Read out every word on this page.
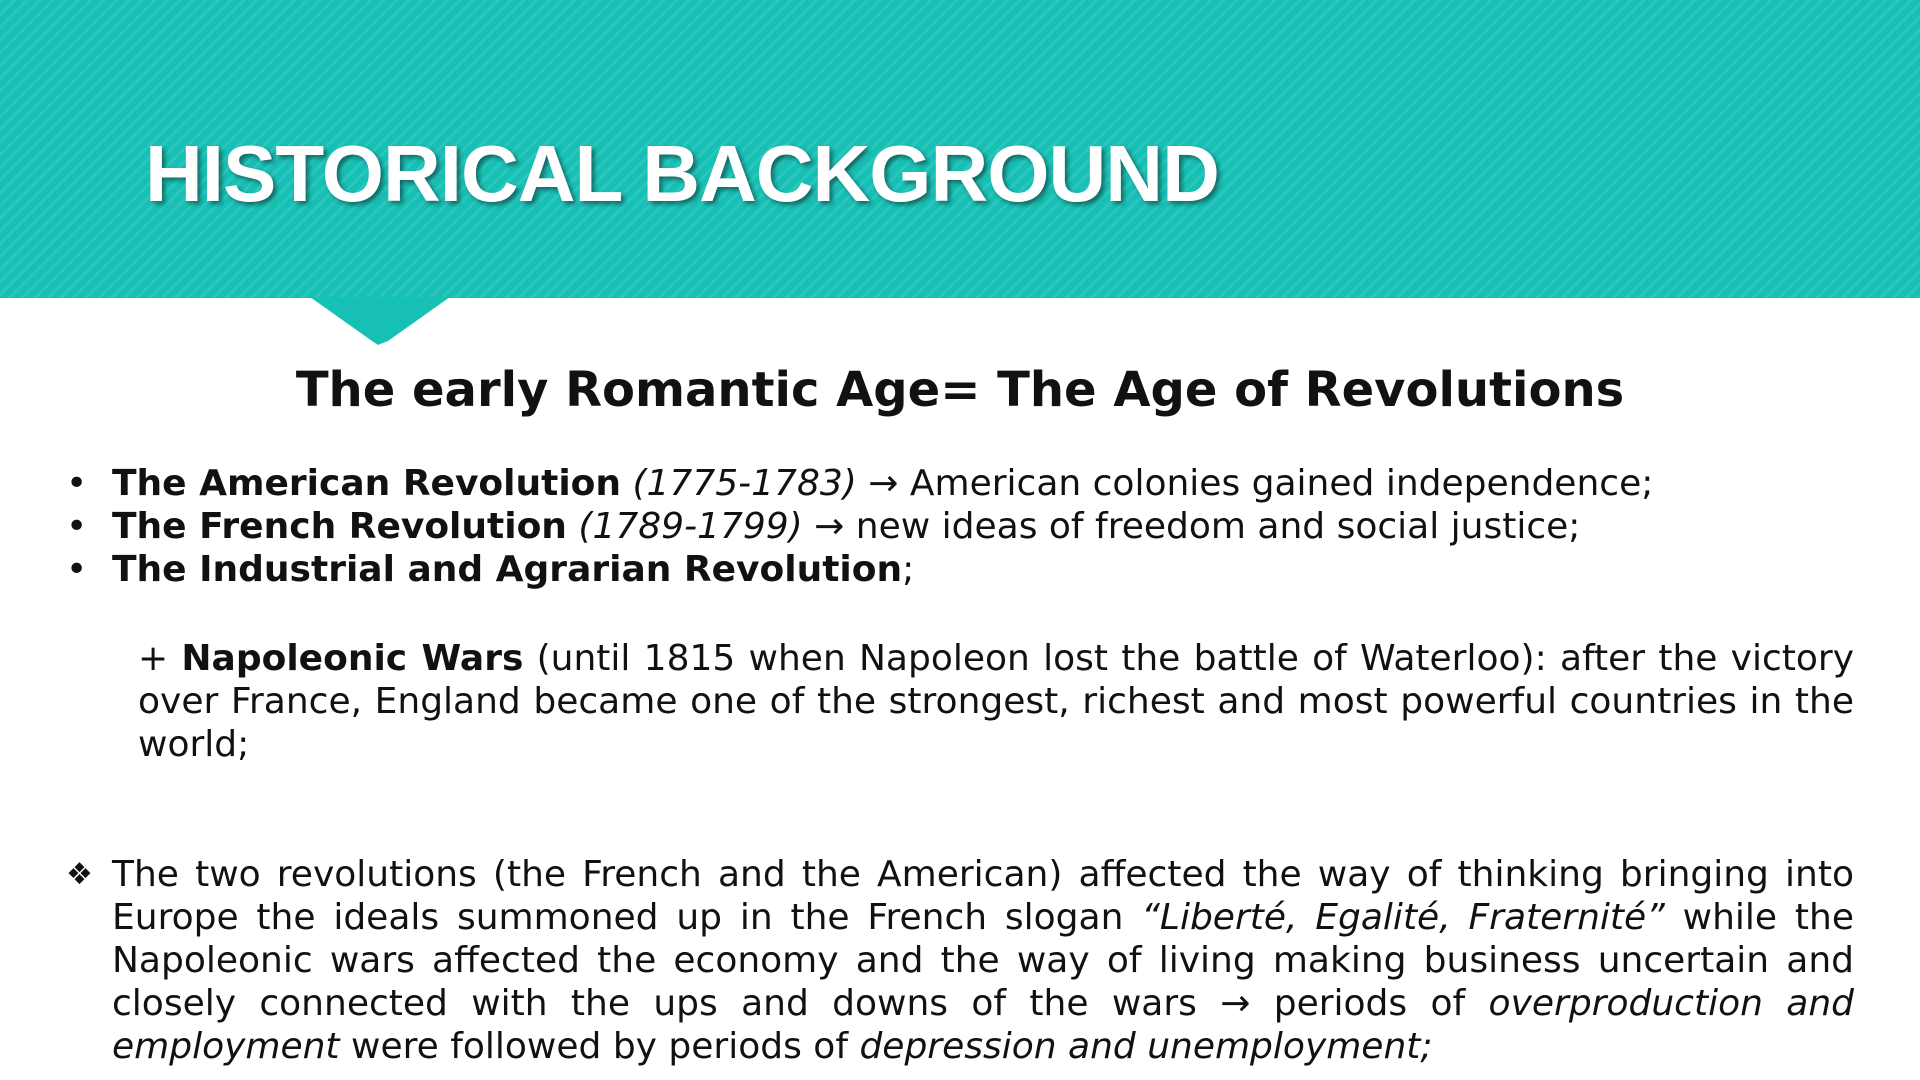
HISTORICAL BACKGROUND
The early Romantic Age= The Age of Revolutions
• The American Revolution (1775-1783) → American colonies gained independence;
• The French Revolution (1789-1799) → new ideas of freedom and social justice;
• The Industrial and Agrarian Revolution;
+ Napoleonic Wars (until 1815 when Napoleon lost the battle of Waterloo): after the victory over France, England became one of the strongest, richest and most powerful countries in the world;
❖ The two revolutions (the French and the American) affected the way of thinking bringing into Europe the ideals summoned up in the French slogan “Liberté, Egalité, Fraternité” while the Napoleonic wars affected the economy and the way of living making business uncertain and closely connected with the ups and downs of the wars → periods of overproduction and employment were followed by periods of depression and unemployment;
